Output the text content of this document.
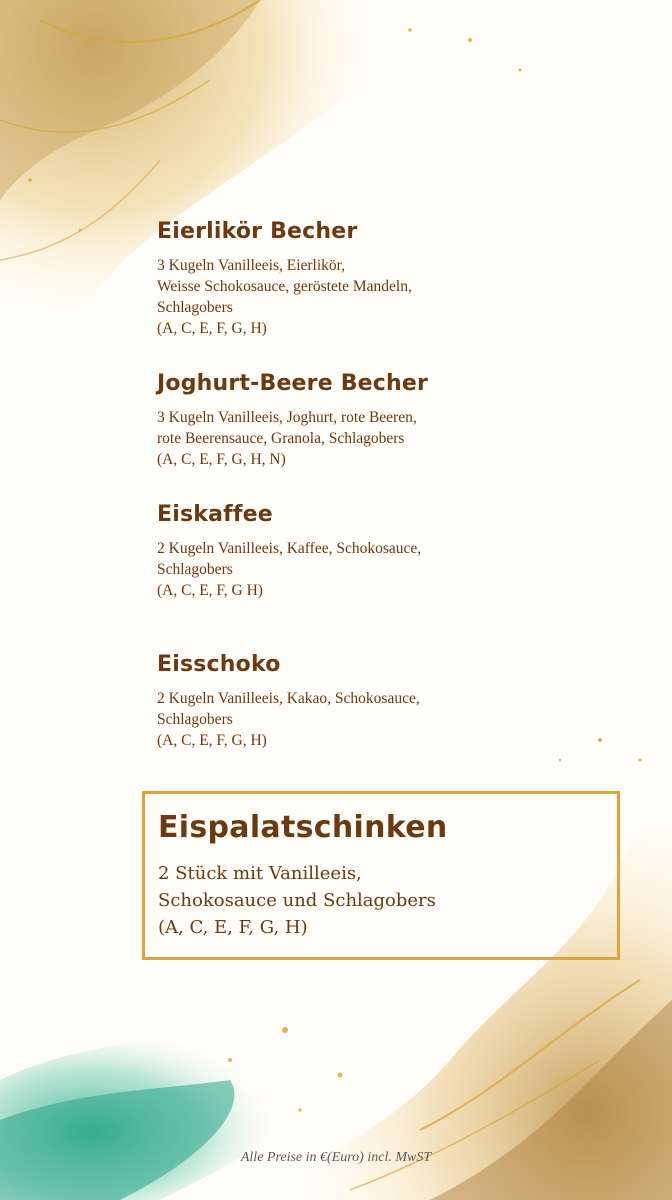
Eierlikör Becher

3 Kugeln Vanilleeis, Eierlikör,

Weisse Schokosauce, geröstete Mandeln,

Schlagobers

(A, C, E, F, G, H)

Joghurt-Beere Becher

3 Kugeln Vanilleeis, Joghurt, rote Beeren,

rote Beerensauce, Granola, Schlagobers

(A, C, E, F, G, H, N)

Eiskaffee

2 Kugeln Vanilleeis, Kaffee, Schokosauce,

Schlagobers

(A, C, E, F, G H)

Eisschoko

2 Kugeln Vanilleeis, Kakao, Schokosauce,

Schlagobers

(A, C, E, F, G, H)

Eispalatschinken
2 Stück mit Vanilleeis,
Schokosauce und Schlagobers
(A, C, E, F, G, H)
Alle Preise in €(Euro) incl. MwST
